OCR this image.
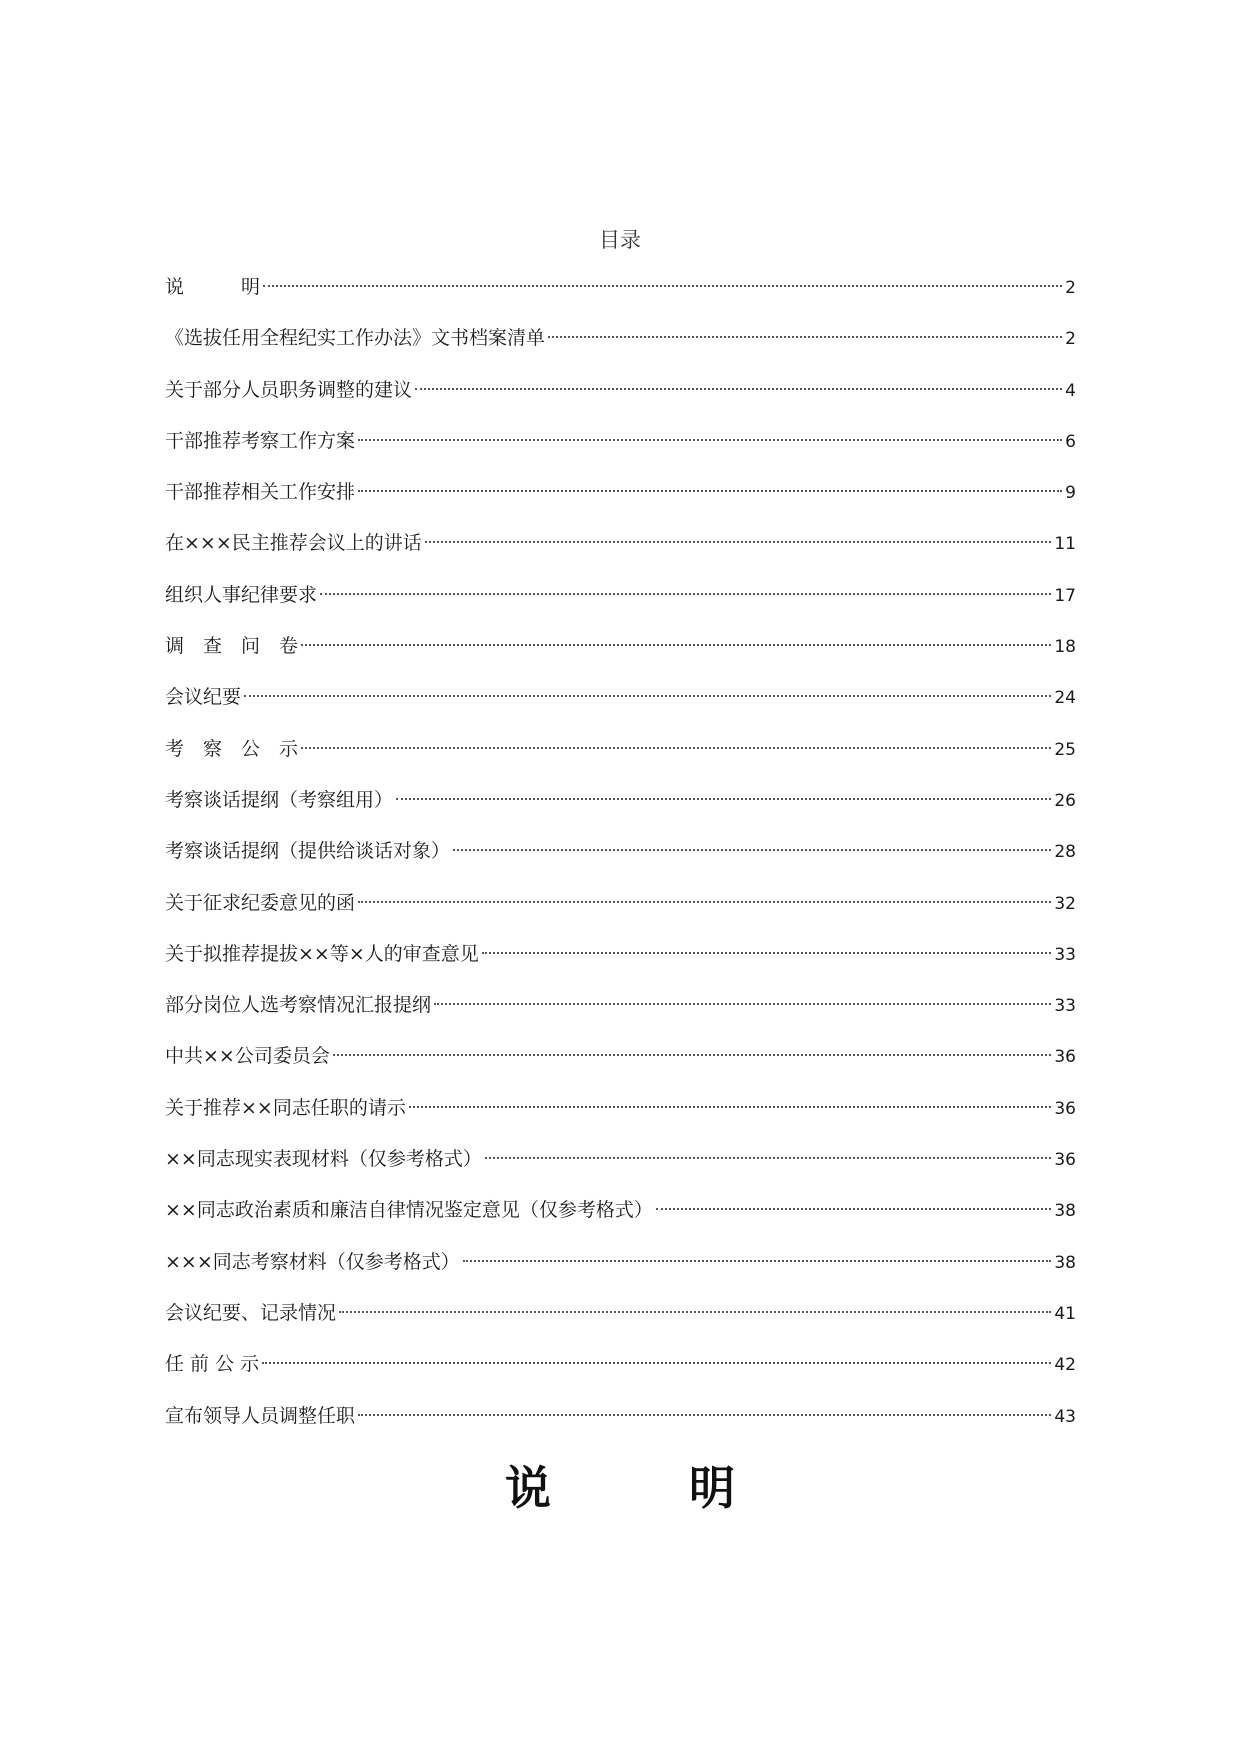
目录
说　　　明	2
《选拔任用全程纪实工作办法》文书档案清单	2
关于部分人员职务调整的建议	4
干部推荐考察工作方案	6
干部推荐相关工作安排	9
在×××民主推荐会议上的讲话	11
组织人事纪律要求	17
调　查　问　卷	18
会议纪要	24
考　察　公　示	25
考察谈话提纲（考察组用）	26
考察谈话提纲（提供给谈话对象）	28
关于征求纪委意见的函	32
关于拟推荐提拔××等×人的审查意见	33
部分岗位人选考察情况汇报提纲	33
中共××公司委员会	36
关于推荐××同志任职的请示	36
××同志现实表现材料（仅参考格式）	36
××同志政治素质和廉洁自律情况鉴定意见（仅参考格式）	38
×××同志考察材料（仅参考格式）	38
会议纪要、记录情况	41
任 前 公 示	42
宣布领导人员调整任职	43
说　　　明
